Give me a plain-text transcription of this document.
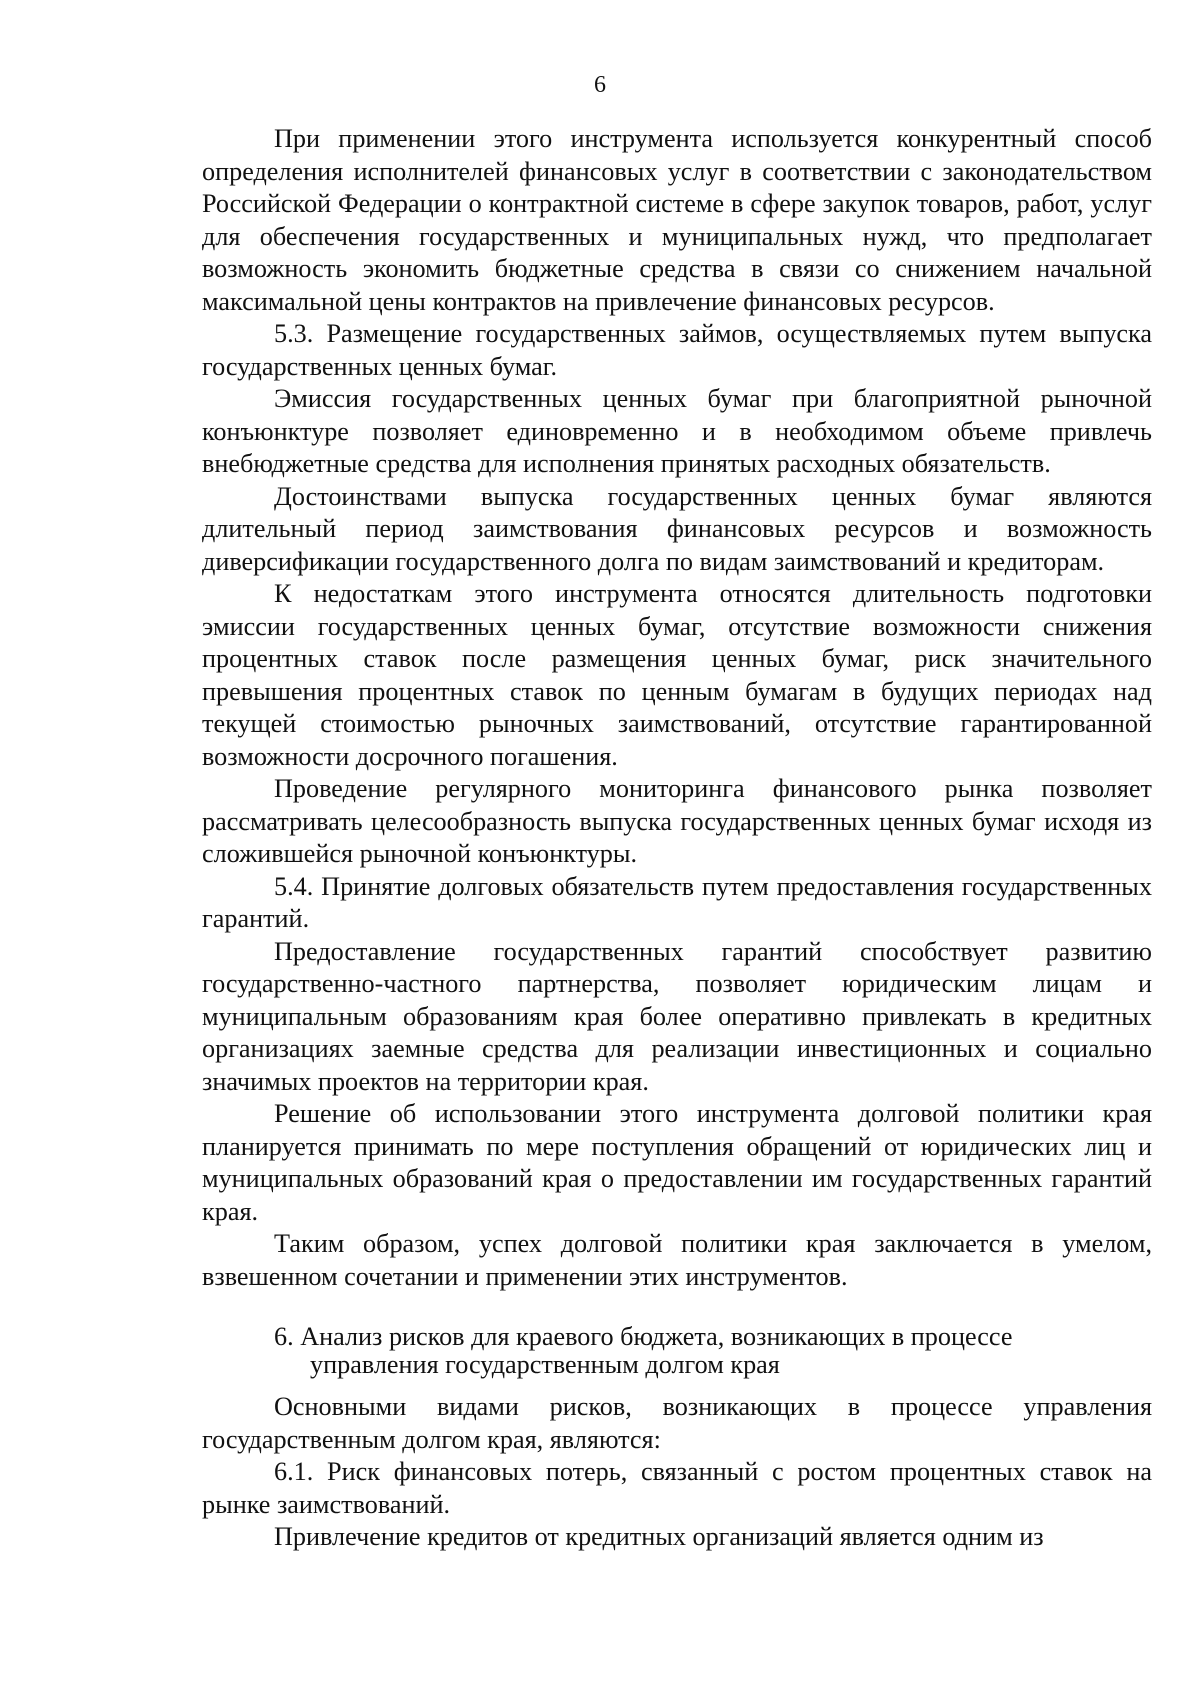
6

При применении этого инструмента используется конкурентный способ определения исполнителей финансовых услуг в соответствии с законодательством Российской Федерации о контрактной системе в сфере закупок товаров, работ, услуг для обеспечения государственных и муниципальных нужд, что предполагает возможность экономить бюджетные средства в связи со снижением начальной максимальной цены контрактов на привлечение финансовых ресурсов.

5.3. Размещение государственных займов, осуществляемых путем выпуска государственных ценных бумаг.

Эмиссия государственных ценных бумаг при благоприятной рыночной конъюнктуре позволяет единовременно и в необходимом объеме привлечь внебюджетные средства для исполнения принятых расходных обязательств.

Достоинствами выпуска государственных ценных бумаг являются длительный период заимствования финансовых ресурсов и возможность диверсификации государственного долга по видам заимствований и кредиторам.

К недостаткам этого инструмента относятся длительность подготовки эмиссии государственных ценных бумаг, отсутствие возможности снижения процентных ставок после размещения ценных бумаг, риск значительного превышения процентных ставок по ценным бумагам в будущих периодах над текущей стоимостью рыночных заимствований, отсутствие гарантированной возможности досрочного погашения.

Проведение регулярного мониторинга финансового рынка позволяет рассматривать целесообразность выпуска государственных ценных бумаг исходя из сложившейся рыночной конъюнктуры.

5.4. Принятие долговых обязательств путем предоставления государственных гарантий.

Предоставление государственных гарантий способствует развитию государственно-частного партнерства, позволяет юридическим лицам и муниципальным образованиям края более оперативно привлекать в кредитных организациях заемные средства для реализации инвестиционных и социально значимых проектов на территории края.

Решение об использовании этого инструмента долговой политики края планируется принимать по мере поступления обращений от юридических лиц и муниципальных образований края о предоставлении им государственных гарантий края.

Таким образом, успех долговой политики края заключается в умелом, взвешенном сочетании и применении этих инструментов.

6. Анализ рисков для краевого бюджета, возникающих в процессе
управления государственным долгом края

Основными видами рисков, возникающих в процессе управления государственным долгом края, являются:

6.1. Риск финансовых потерь, связанный с ростом процентных ставок на рынке заимствований.

Привлечение кредитов от кредитных организаций является одним из
